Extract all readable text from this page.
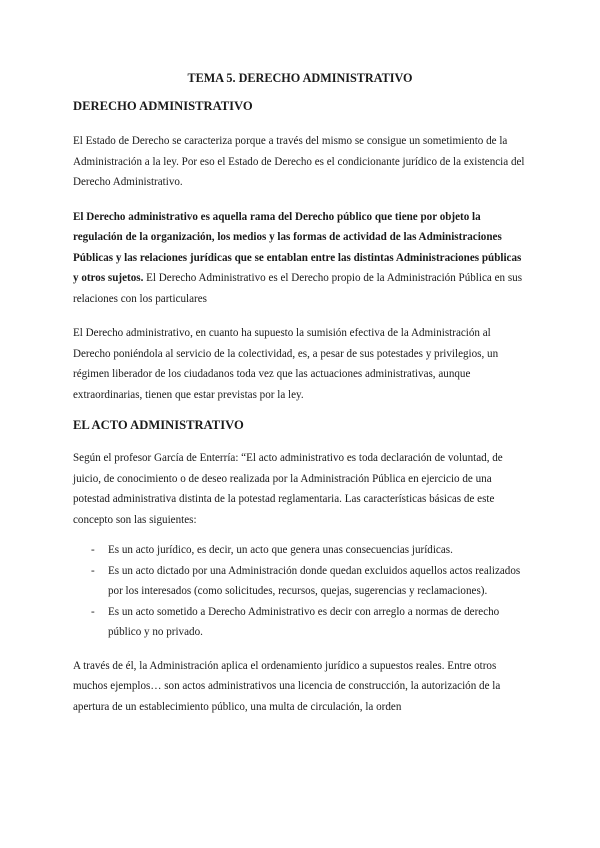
TEMA 5. DERECHO ADMINISTRATIVO
DERECHO ADMINISTRATIVO

El Estado de Derecho se caracteriza porque a través del mismo se consigue un sometimiento de la Administración a la ley. Por eso el Estado de Derecho es el condicionante jurídico de la existencia del Derecho Administrativo.

El Derecho administrativo es aquella rama del Derecho público que tiene por objeto la regulación de la organización, los medios y las formas de actividad de las Administraciones Públicas y las relaciones jurídicas que se entablan entre las distintas Administraciones públicas y otros sujetos. El Derecho Administrativo es el Derecho propio de la Administración Pública en sus relaciones con los particulares

El Derecho administrativo, en cuanto ha supuesto la sumisión efectiva de la Administración al Derecho poniéndola al servicio de la colectividad, es, a pesar de sus potestades y privilegios, un régimen liberador de los ciudadanos toda vez que las actuaciones administrativas, aunque extraordinarias, tienen que estar previstas por la ley.

EL ACTO ADMINISTRATIVO

Según el profesor García de Enterría: “El acto administrativo es toda declaración de voluntad, de juicio, de conocimiento o de deseo realizada por la Administración Pública en ejercicio de una potestad administrativa distinta de la potestad reglamentaria. Las características básicas de este concepto son las siguientes:

- Es un acto jurídico, es decir, un acto que genera unas consecuencias jurídicas.
- Es un acto dictado por una Administración donde quedan excluidos aquellos actos realizados por los interesados (como solicitudes, recursos, quejas, sugerencias y reclamaciones).
- Es un acto sometido a Derecho Administrativo es decir con arreglo a normas de derecho público y no privado.

A través de él, la Administración aplica el ordenamiento jurídico a supuestos reales. Entre otros muchos ejemplos… son actos administrativos una licencia de construcción, la autorización de la apertura de un establecimiento público, una multa de circulación, la orden
